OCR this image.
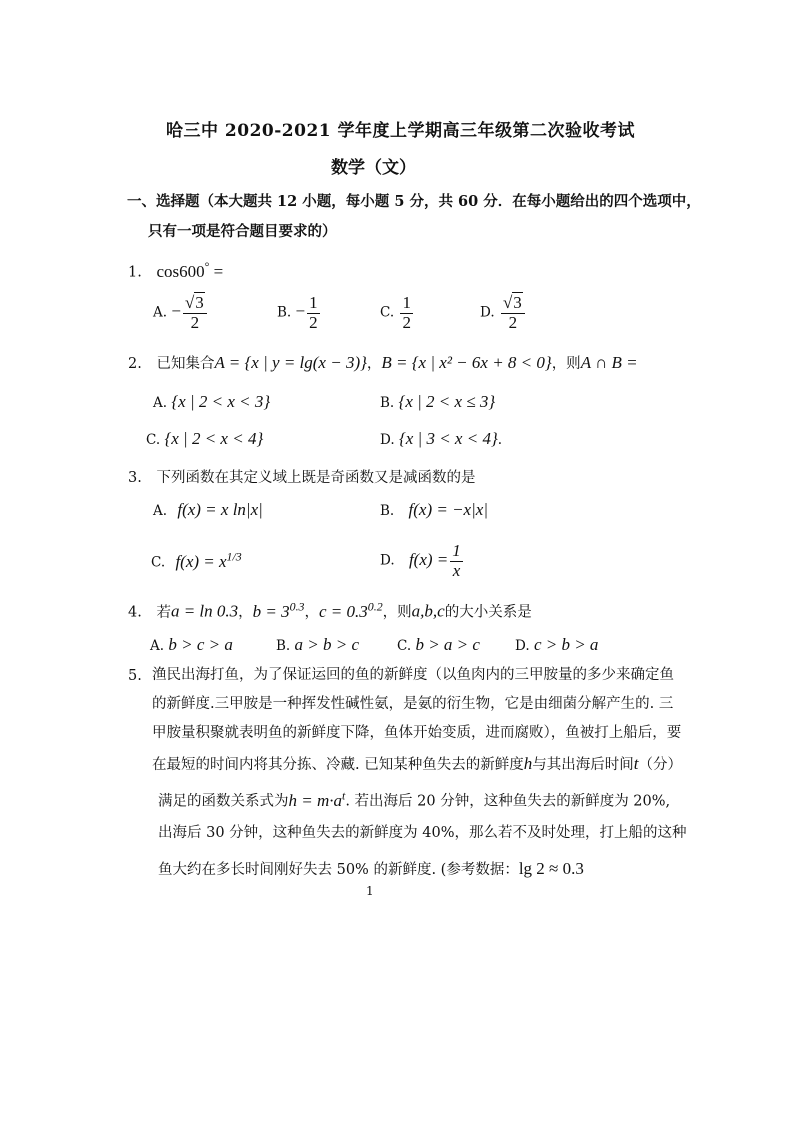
哈三中 2020-2021 学年度上学期高三年级第二次验收考试
数学（文）
一、选择题（本大题共 12 小题，每小题 5 分，共 60 分．在每小题给出的四个选项中，
只有一项是符合题目要求的）
1. cos600° =
A. − $\frac{√3}{2}$	B. − $\frac{1}{2}$	C. $\frac{1}{2}$	D. $\frac{√3}{2}$
2. 已知集合A = {x | y = lg(x − 3)}，B = {x | x² − 6x + 8 < 0}，则A ∩ B =
A. {x | 2 < x < 3}	B. {x | 2 < x ≤ 3}
C. {x | 2 < x < 4}	D. {x | 3 < x < 4}.
3. 下列函数在其定义域上既是奇函数又是减函数的是
A. f(x) = x ln|x|	B. f(x) = −x|x|
C. $f(x) = x^{1/3}$	D. $f(x) = \frac{1}{x}$
4. 若a = ln 0.3，$b = 3^{0.3}$，$c = 0.3^{0.2}$，则a,b,c的大小关系是
A. b > c > a	B. a > b > c	C. b > a > c	D. c > b > a
5. 渔民出海打鱼，为了保证运回的鱼的新鲜度（以鱼肉内的三甲胺量的多少来确定鱼
的新鲜度.三甲胺是一种挥发性碱性氨，是氨的衍生物，它是由细菌分解产生的. 三
甲胺量积聚就表明鱼的新鲜度下降，鱼体开始变质，进而腐败），鱼被打上船后，要
在最短的时间内将其分拣、冷藏. 已知某种鱼失去的新鲜度h与其出海后时间t（分）
满足的函数关系式为$h = m\cdot a^t$. 若出海后 20 分钟，这种鱼失去的新鲜度为 20%,
出海后 30 分钟，这种鱼失去的新鲜度为 40%，那么若不及时处理，打上船的这种
鱼大约在多长时间刚好失去 50% 的新鲜度. (参考数据：lg 2 ≈ 0.3
1
